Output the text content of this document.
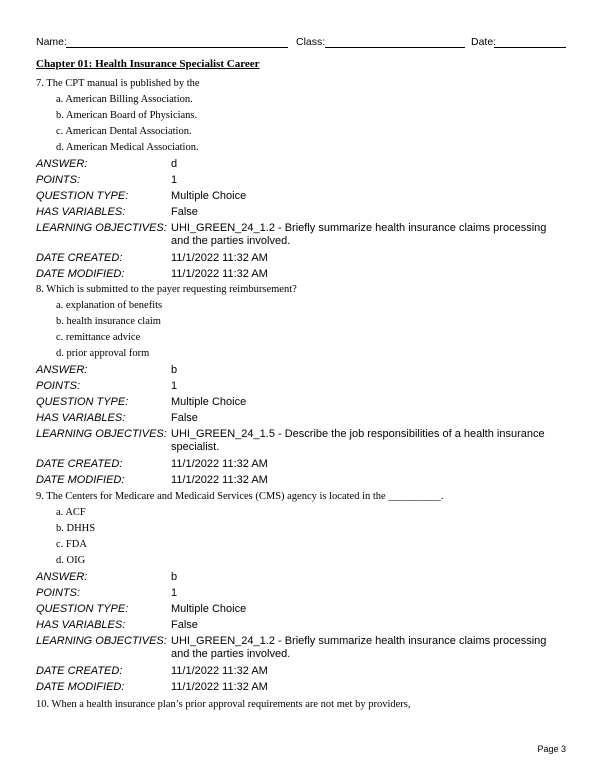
Name:	Class:	Date:
Chapter 01: Health Insurance Specialist Career
7. The CPT manual is published by the
a. American Billing Association.
b. American Board of Physicians.
c. American Dental Association.
d. American Medical Association.
ANSWER:	d
POINTS:	1
QUESTION TYPE:	Multiple Choice
HAS VARIABLES:	False
LEARNING OBJECTIVES: UHI_GREEN_24_1.2 - Briefly summarize health insurance claims processing and the parties involved.
DATE CREATED:	11/1/2022 11:32 AM
DATE MODIFIED:	11/1/2022 11:32 AM
8. Which is submitted to the payer requesting reimbursement?
a. explanation of benefits
b. health insurance claim
c. remittance advice
d. prior approval form
ANSWER:	b
POINTS:	1
QUESTION TYPE:	Multiple Choice
HAS VARIABLES:	False
LEARNING OBJECTIVES: UHI_GREEN_24_1.5 - Describe the job responsibilities of a health insurance specialist.
DATE CREATED:	11/1/2022 11:32 AM
DATE MODIFIED:	11/1/2022 11:32 AM
9. The Centers for Medicare and Medicaid Services (CMS) agency is located in the __________.
a. ACF
b. DHHS
c. FDA
d. OIG
ANSWER:	b
POINTS:	1
QUESTION TYPE:	Multiple Choice
HAS VARIABLES:	False
LEARNING OBJECTIVES: UHI_GREEN_24_1.2 - Briefly summarize health insurance claims processing and the parties involved.
DATE CREATED:	11/1/2022 11:32 AM
DATE MODIFIED:	11/1/2022 11:32 AM
10. When a health insurance plan’s prior approval requirements are not met by providers,
Page 3
